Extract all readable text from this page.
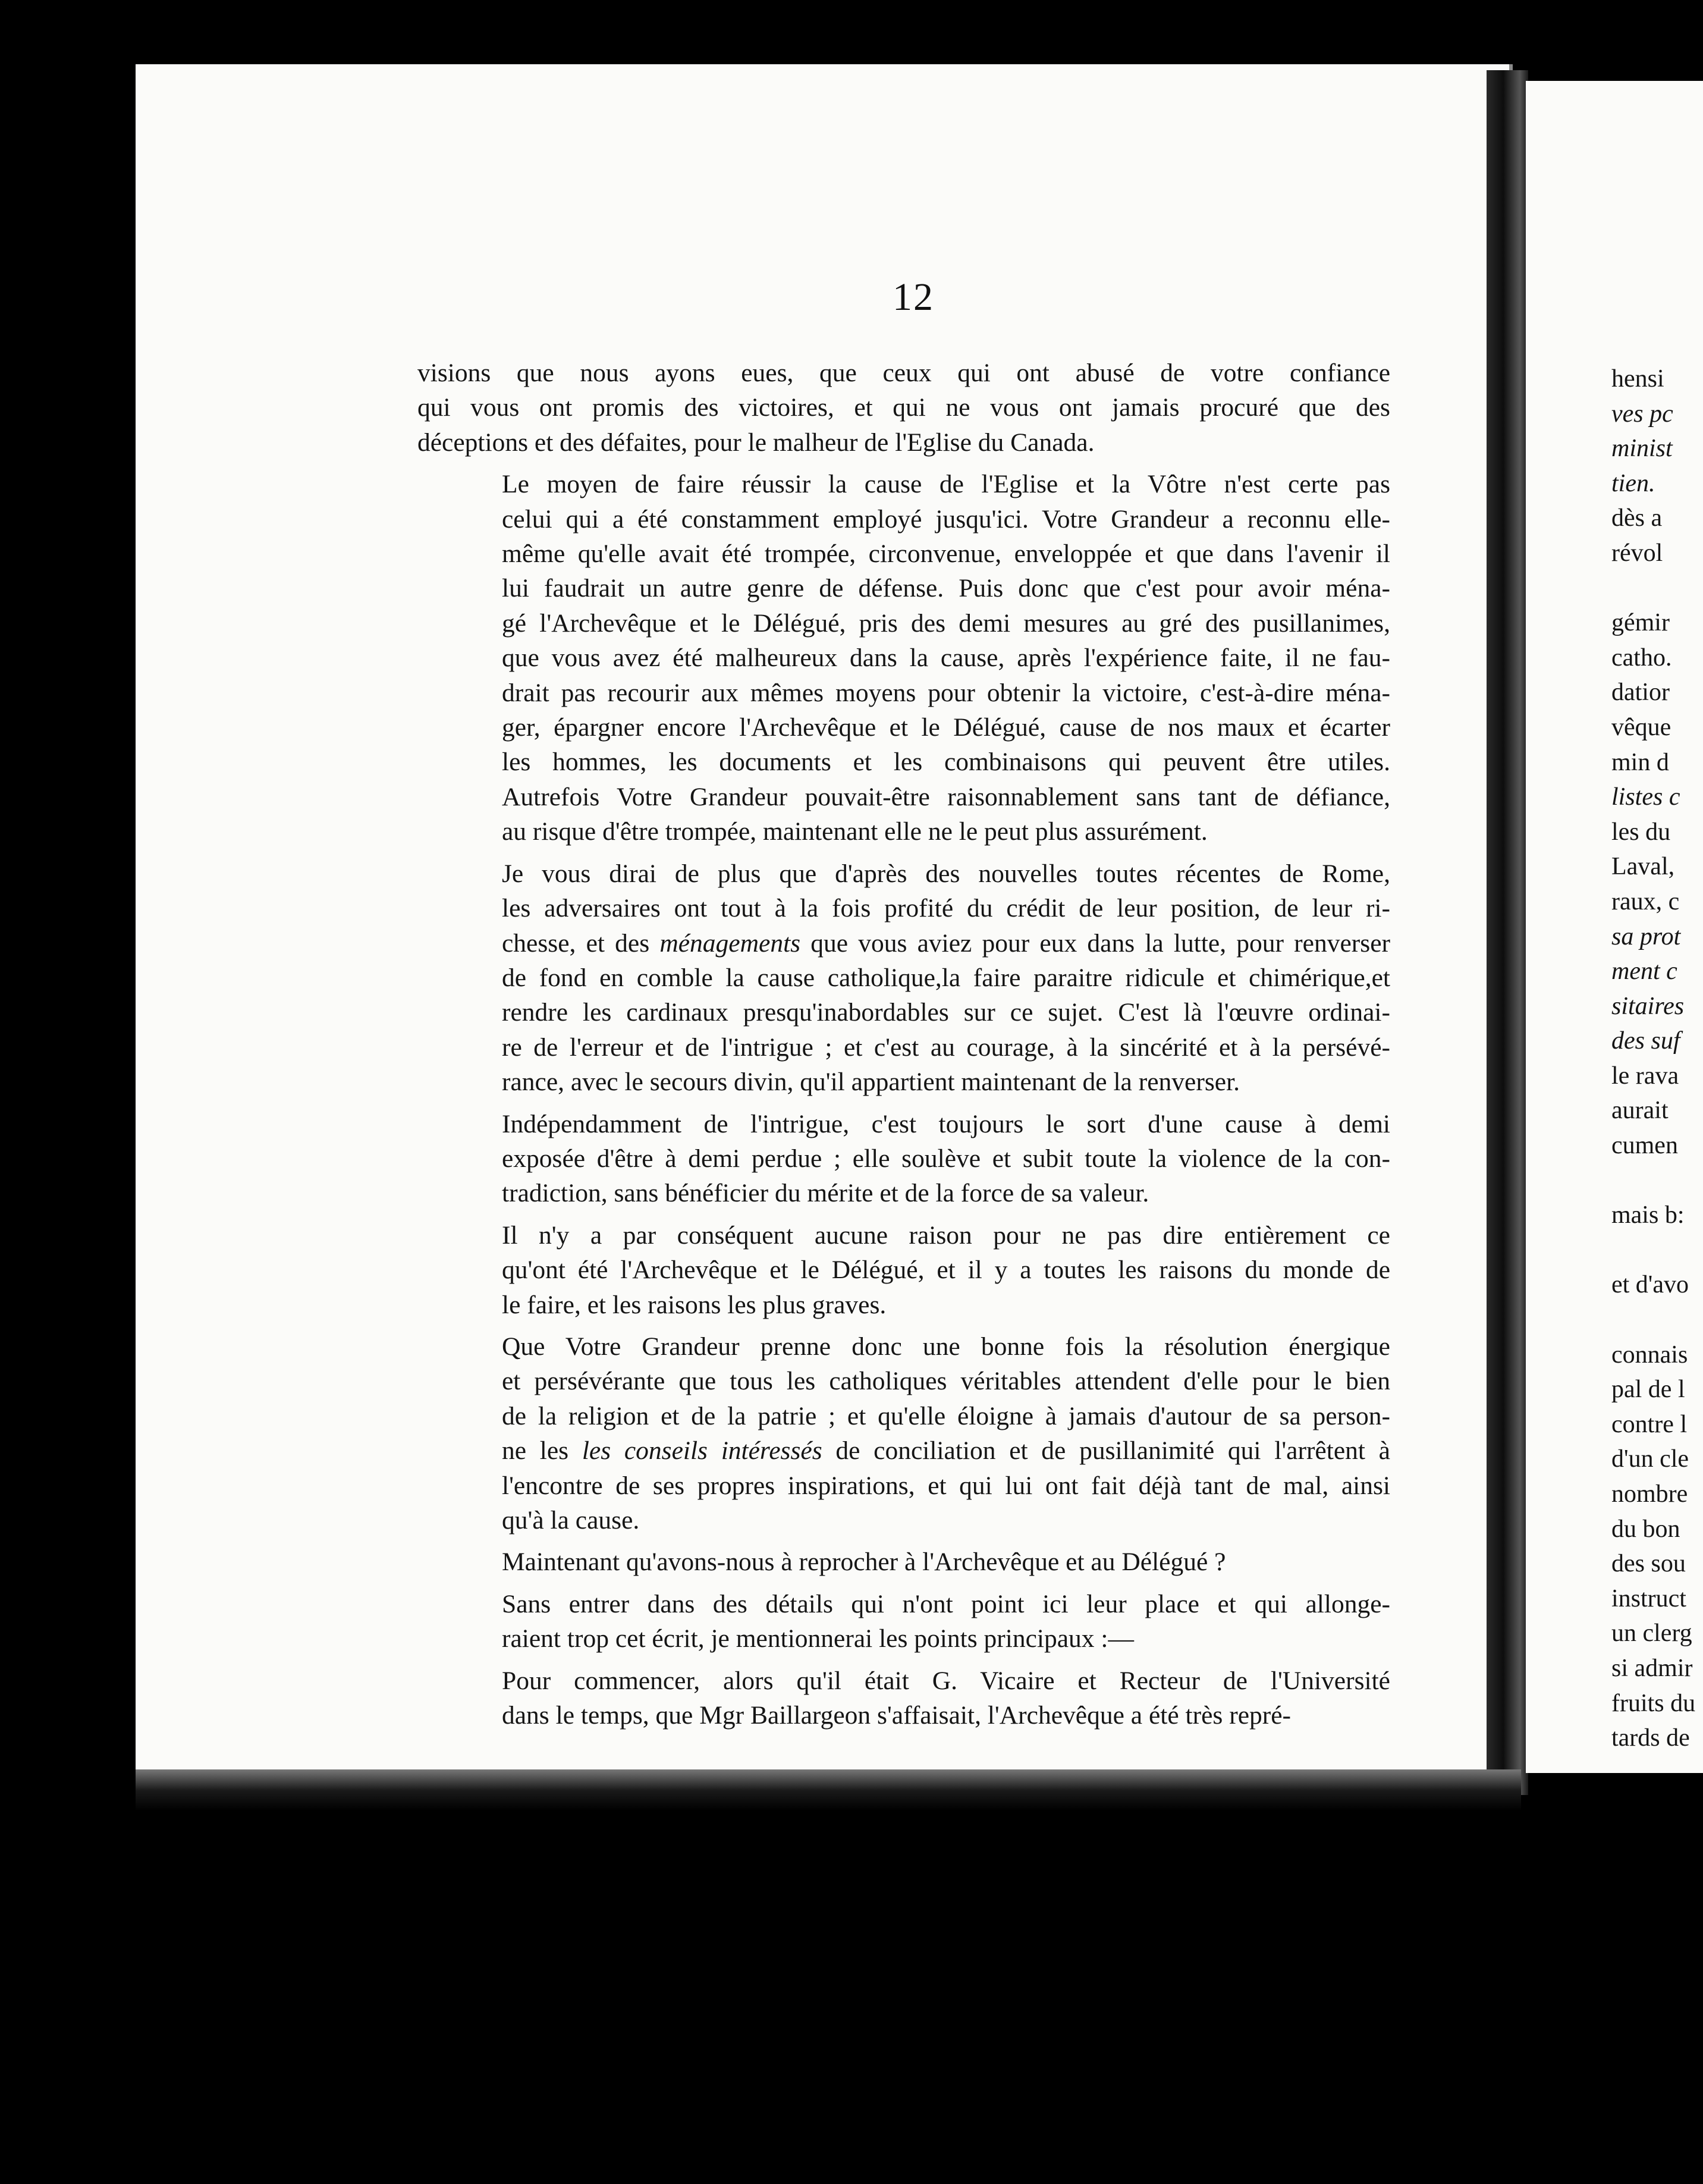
12
visions que nous ayons eues, que ceux qui ont abusé de votre confiance
qui vous ont promis des victoires, et qui ne vous ont jamais procuré que des
déceptions et des défaites, pour le malheur de l'Eglise du Canada.
Le moyen de faire réussir la cause de l'Eglise et la Vôtre n'est certe pas
celui qui a été constamment employé jusqu'ici. Votre Grandeur a reconnu elle-
même qu'elle avait été trompée, circonvenue, enveloppée et que dans l'avenir il
lui faudrait un autre genre de défense. Puis donc que c'est pour avoir ména-
gé l'Archevêque et le Délégué, pris des demi mesures au gré des pusillanimes,
que vous avez été malheureux dans la cause, après l'expérience faite, il ne fau-
drait pas recourir aux mêmes moyens pour obtenir la victoire, c'est-à-dire ména-
ger, épargner encore l'Archevêque et le Délégué, cause de nos maux et écarter
les hommes, les documents et les combinaisons qui peuvent être utiles.
Autrefois Votre Grandeur pouvait-être raisonnablement sans tant de défiance,
au risque d'être trompée, maintenant elle ne le peut plus assurément.
Je vous dirai de plus que d'après des nouvelles toutes récentes de Rome,
les adversaires ont tout à la fois profité du crédit de leur position, de leur ri-
chesse, et des ménagements que vous aviez pour eux dans la lutte, pour renverser
de fond en comble la cause catholique,la faire paraitre ridicule et chimérique,et
rendre les cardinaux presqu'inabordables sur ce sujet. C'est là l'œuvre ordinai-
re de l'erreur et de l'intrigue ; et c'est au courage, à la sincérité et à la persévé-
rance, avec le secours divin, qu'il appartient maintenant de la renverser.
Indépendamment de l'intrigue, c'est toujours le sort d'une cause à demi
exposée d'être à demi perdue ; elle soulève et subit toute la violence de la con-
tradiction, sans bénéficier du mérite et de la force de sa valeur.
Il n'y a par conséquent aucune raison pour ne pas dire entièrement ce
qu'ont été l'Archevêque et le Délégué, et il y a toutes les raisons du monde de
le faire, et les raisons les plus graves.
Que Votre Grandeur prenne donc une bonne fois la résolution énergique
et persévérante que tous les catholiques véritables attendent d'elle pour le bien
de la religion et de la patrie ; et qu'elle éloigne à jamais d'autour de sa person-
ne les les conseils intéressés de conciliation et de pusillanimité qui l'arrêtent à
l'encontre de ses propres inspirations, et qui lui ont fait déjà tant de mal, ainsi
qu'à la cause.
Maintenant qu'avons-nous à reprocher à l'Archevêque et au Délégué ?
Sans entrer dans des détails qui n'ont point ici leur place et qui allonge-
raient trop cet écrit, je mentionnerai les points principaux :—
Pour commencer, alors qu'il était G. Vicaire et Recteur de l'Université
dans le temps, que Mgr Baillargeon s'affaisait, l'Archevêque a été très repré-
hensi
ves pc
minist
tien.
dès a
révol

gémir
catho.
datior
vêque
min d
listes c
les du
Laval,
raux, c
sa prot
ment c
sitaires
des suf
le rava
aurait
cumen

mais b:

et d'avo

connais
pal de l
contre l
d'un cle
nombre
du bon
des sou
instruct
un clerg
si admir
fruits du
tards de
